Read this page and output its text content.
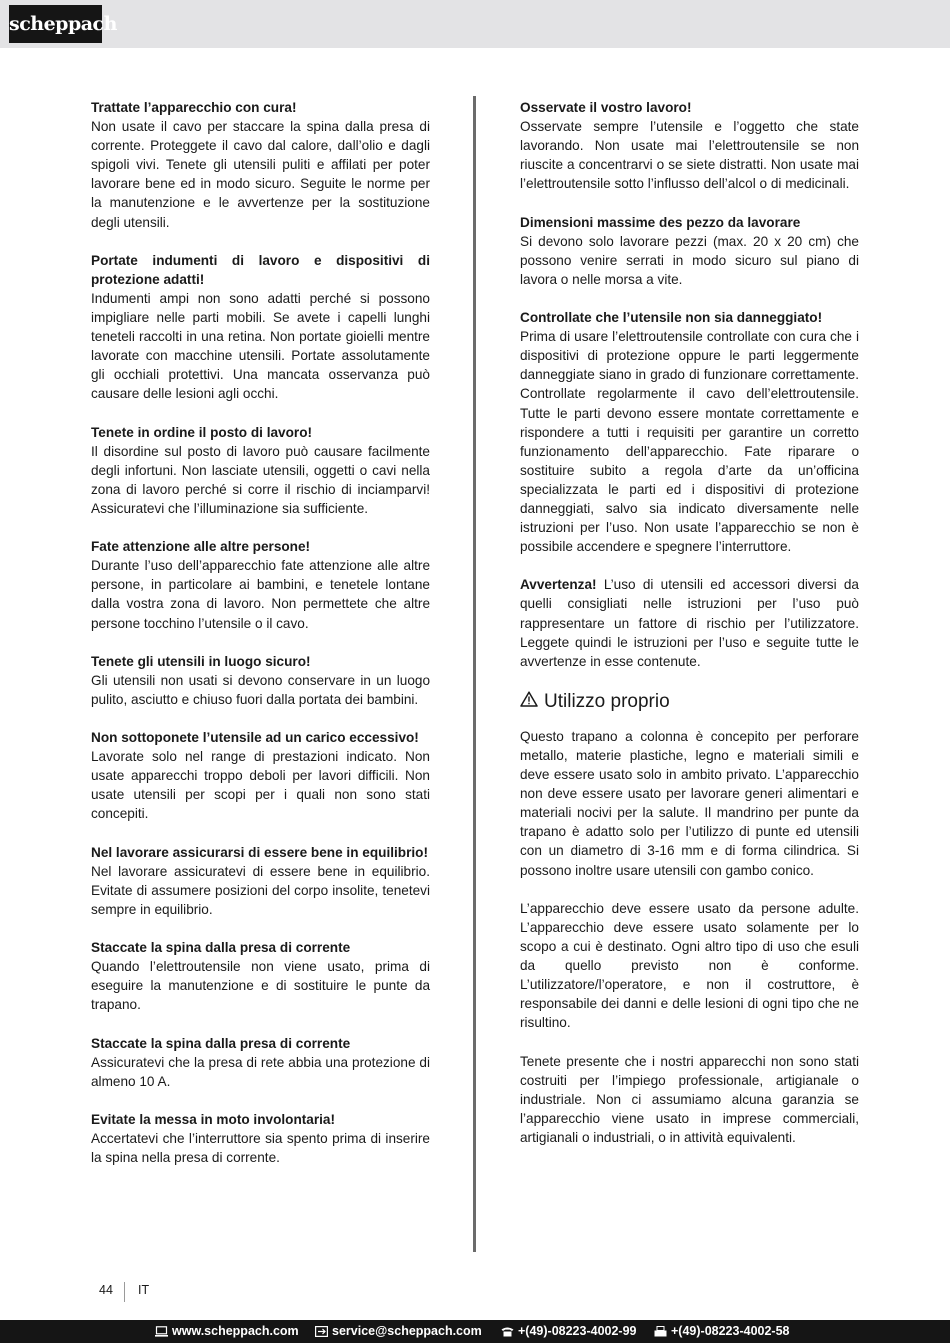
scheppach

Trattate l’apparecchio con cura!
Non usate il cavo per staccare la spina dalla presa di corrente. Proteggete il cavo dal calore, dall’olio e dagli spigoli vivi. Tenete gli utensili puliti e affilati per poter lavorare bene ed in modo sicuro. Seguite le norme per la manutenzione e le avvertenze per la sostituzione degli utensili.

Portate indumenti di lavoro e dispositivi di protezione adatti!
Indumenti ampi non sono adatti perché si possono impigliare nelle parti mobili. Se avete i capelli lunghi teneteli raccolti in una retina. Non portate gioielli mentre lavorate con macchine utensili. Portate assolutamente gli occhiali protettivi. Una mancata osservanza può causare delle lesioni agli occhi.

Tenete in ordine il posto di lavoro!
Il disordine sul posto di lavoro può causare facilmente degli infortuni. Non lasciate utensili, oggetti o cavi nella zona di lavoro perché si corre il rischio di inciamparvi! Assicuratevi che l’illuminazione sia sufficiente.

Fate attenzione alle altre persone!
Durante l’uso dell’apparecchio fate attenzione alle altre persone, in particolare ai bambini, e tenetele lontane dalla vostra zona di lavoro. Non permettete che altre persone tocchino l’utensile o il cavo.

Tenete gli utensili in luogo sicuro!
Gli utensili non usati si devono conservare in un luogo pulito, asciutto e chiuso fuori dalla portata dei bambini.

Non sottoponete l’utensile ad un carico eccessivo!
Lavorate solo nel range di prestazioni indicato. Non usate apparecchi troppo deboli per lavori difficili. Non usate utensili per scopi per i quali non sono stati concepiti.

Nel lavorare assicurarsi di essere bene in equilibrio!
Nel lavorare assicuratevi di essere bene in equilibrio. Evitate di assumere posizioni del corpo insolite, tenetevi sempre in equilibrio.

Staccate la spina dalla presa di corrente
Quando l’elettroutensile non viene usato, prima di eseguire la manutenzione e di sostituire le punte da trapano.

Staccate la spina dalla presa di corrente
Assicuratevi che la presa di rete abbia una protezione di almeno 10 A.

Evitate la messa in moto involontaria!
Accertatevi che l’interruttore sia spento prima di inserire la spina nella presa di corrente.

Osservate il vostro lavoro!
Osservate sempre l’utensile e l’oggetto che state lavorando. Non usate mai l’elettroutensile se non riuscite a concentrarvi o se siete distratti. Non usate mai l’elettroutensile sotto l’influsso dell’alcol o di medicinali.

Dimensioni massime des pezzo da lavorare
Si devono solo lavorare pezzi (max. 20 x 20 cm) che possono venire serrati in modo sicuro sul piano di lavora o nelle morsa a vite.

Controllate che l’utensile non sia danneggiato!
Prima di usare l’elettroutensile controllate con cura che i dispositivi di protezione oppure le parti leggermente danneggiate siano in grado di funzionare correttamente. Controllate regolarmente il cavo dell’elettroutensile. Tutte le parti devono essere montate correttamente e rispondere a tutti i requisiti per garantire un corretto funzionamento dell’apparecchio. Fate riparare o sostituire subito a regola d’arte da un’officina specializzata le parti ed i dispositivi di protezione danneggiati, salvo sia indicato diversamente nelle istruzioni per l’uso. Non usate l’apparecchio se non è possibile accendere e spegnere l’interruttore.

Avvertenza! L’uso di utensili ed accessori diversi da quelli consigliati nelle istruzioni per l’uso può rappresentare un fattore di rischio per l’utilizzatore. Leggete quindi le istruzioni per l’uso e seguite tutte le avvertenze in esse contenute.

Utilizzo proprio

Questo trapano a colonna è concepito per perforare metallo, materie plastiche, legno e materiali simili e deve essere usato solo in ambito privato. L’apparecchio non deve essere usato per lavorare generi alimentari e materiali nocivi per la salute. Il mandrino per punte da trapano è adatto solo per l’utilizzo di punte ed utensili con un diametro di 3-16 mm e di forma cilindrica. Si possono inoltre usare utensili con gambo conico.

L’apparecchio deve essere usato da persone adulte. L’apparecchio deve essere usato solamente per lo scopo a cui è destinato. Ogni altro tipo di uso che esuli da quello previsto non è conforme. L’utilizzatore/l’operatore, e non il costruttore, è responsabile dei danni e delle lesioni di ogni tipo che ne risultino.

Tenete presente che i nostri apparecchi non sono stati costruiti per l’impiego professionale, artigianale o industriale. Non ci assumiamo alcuna garanzia se l’apparecchio viene usato in imprese commerciali, artigianali o industriali, o in attività equivalenti.

44 IT
www.scheppach.com	service@scheppach.com	+(49)-08223-4002-99	+(49)-08223-4002-58
